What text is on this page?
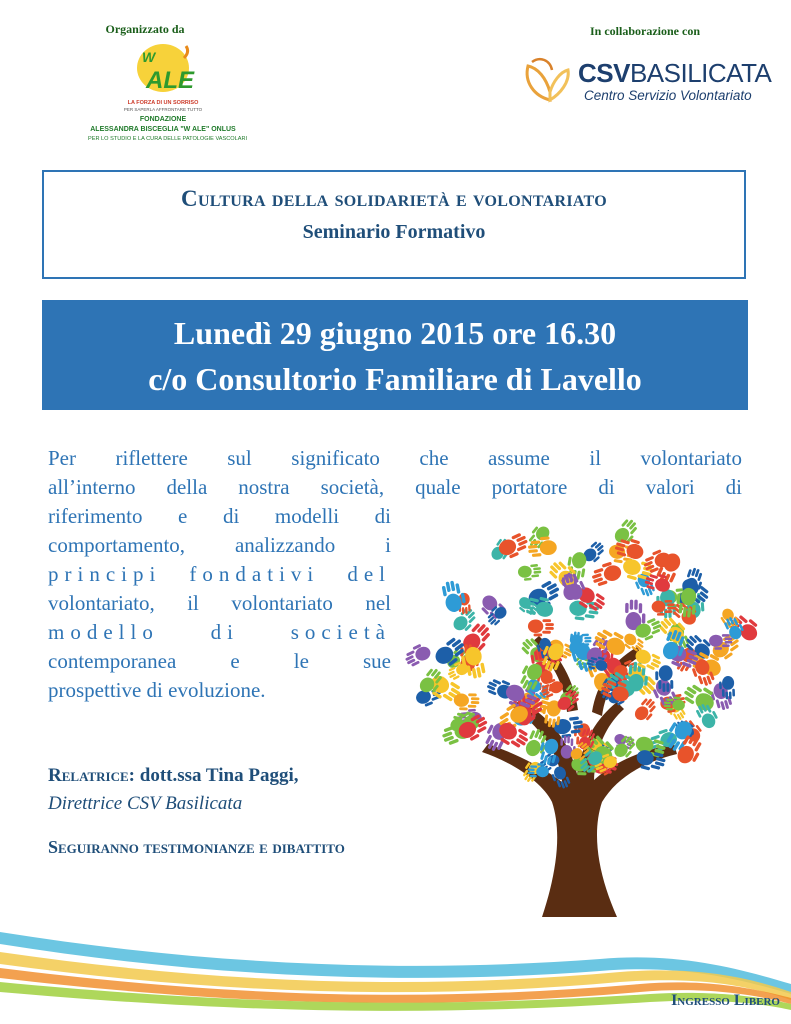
Organizzato da	In collaborazione con
W
ALE
LA FORZA DI UN SORRISO
PER SAPERLA AFFRONTARE TUTTO
FONDAZIONE
ALESSANDRA BISCEGLIA "W ALE" ONLUS
PER LO STUDIO E LA CURA DELLE PATOLOGIE VASCOLARI
CSVBASILICATA
Centro Servizio Volontariato
Cultura della solidarietà e volontariato
Seminario Formativo
Lunedì 29 giugno 2015 ore 16.30
c/o Consultorio Familiare di Lavello
Per riflettere sul significato che assume il volontariato
all’interno della nostra società, quale portatore di valori di
riferimento e di modelli di
comportamento, analizzando i
principi fondativi del
volontariato, il volontariato nel
modello di società
contemporanea e le sue
prospettive di evoluzione.
Relatrice: dott.ssa Tina Paggi,
Direttrice CSV Basilicata
Seguiranno testimonianze e dibattito
Ingresso Libero
